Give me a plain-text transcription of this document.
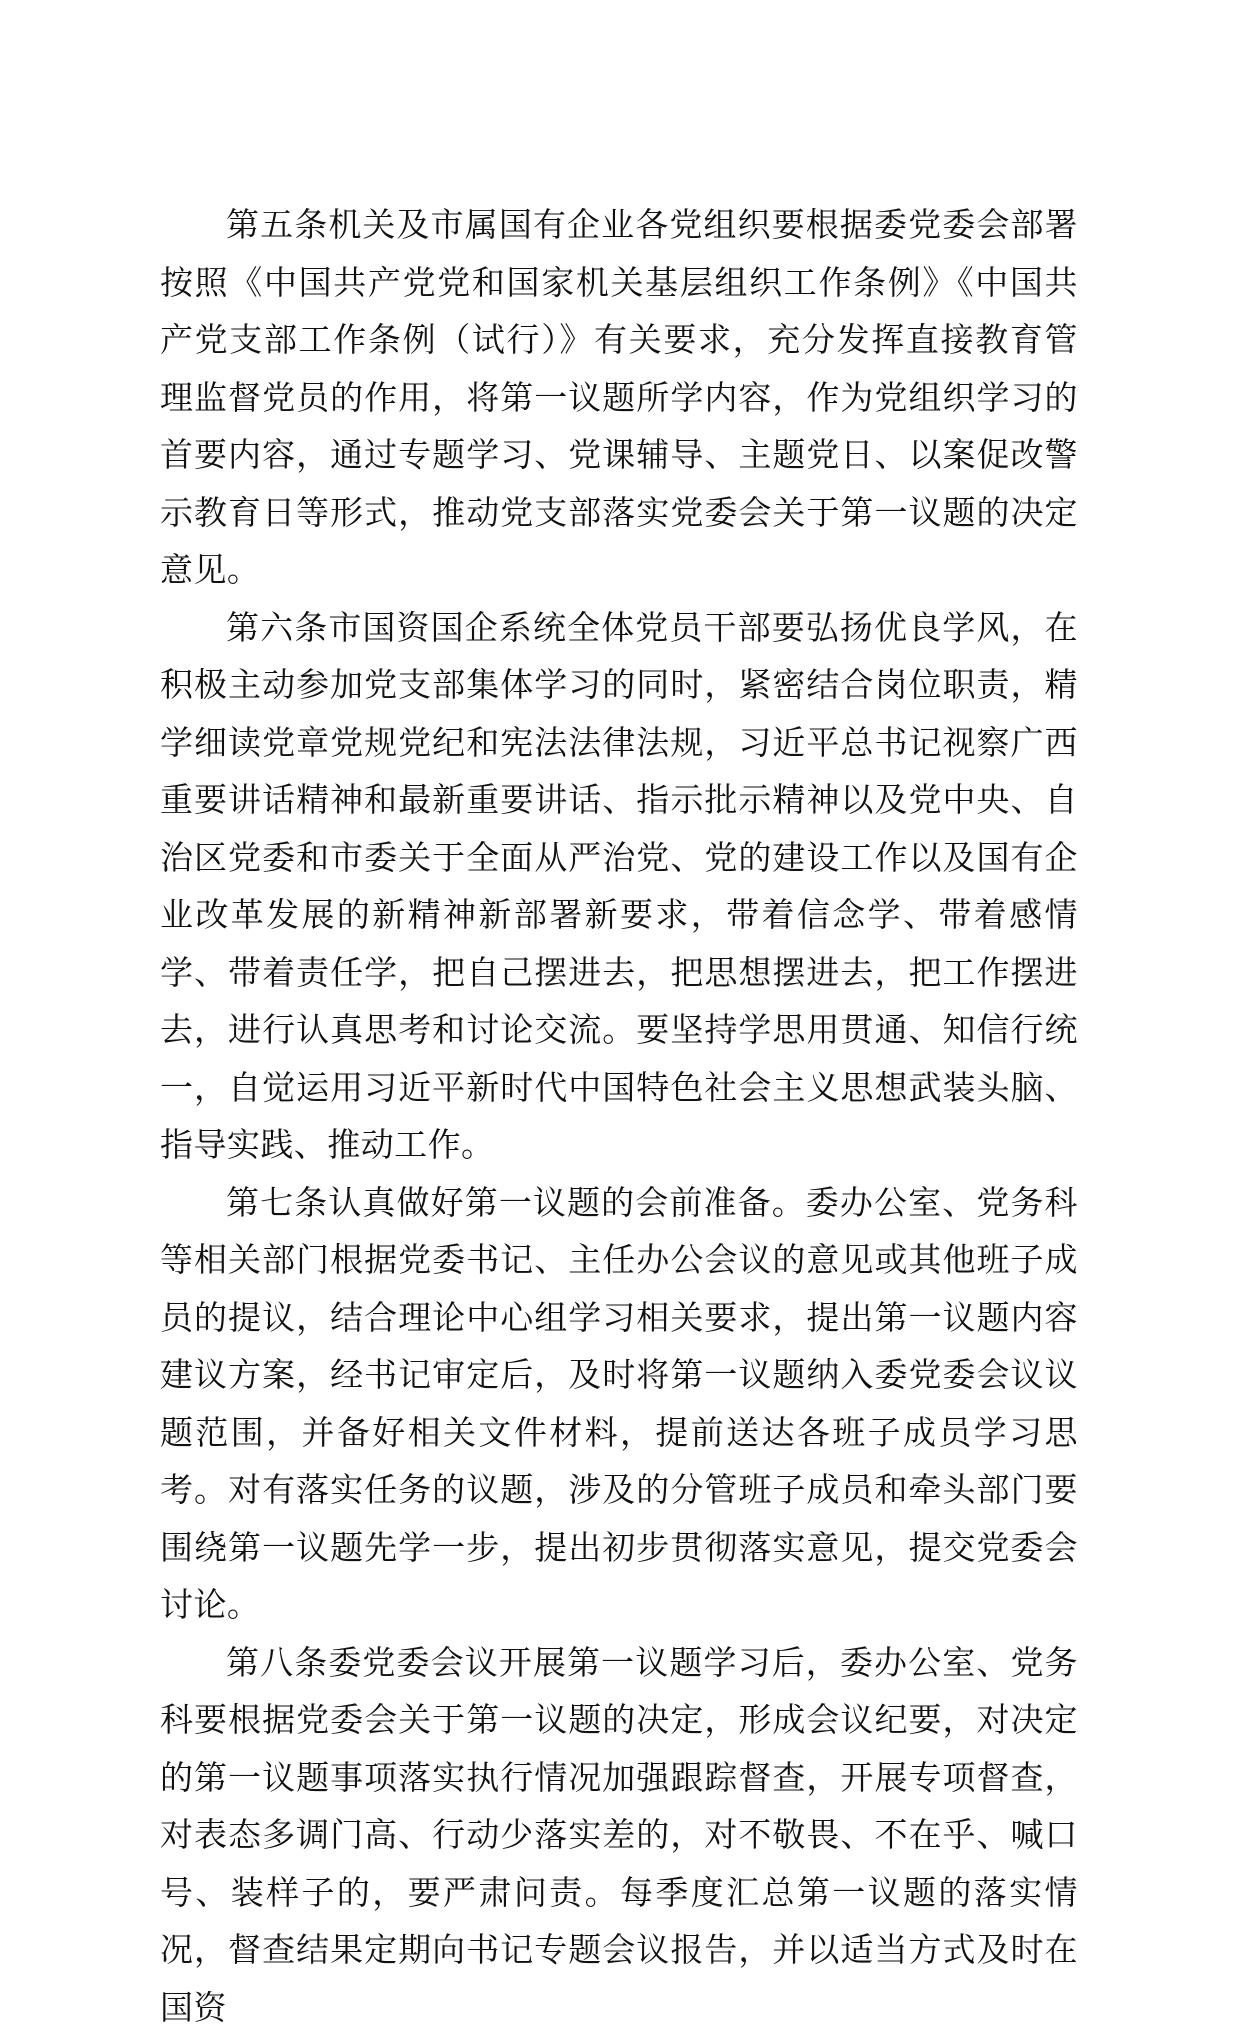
第五条机关及市属国有企业各党组织要根据委党委会部署按照《中国共产党党和国家机关基层组织工作条例》《中国共产党支部工作条例（试行）》有关要求，充分发挥直接教育管理监督党员的作用，将第一议题所学内容，作为党组织学习的首要内容，通过专题学习、党课辅导、主题党日、以案促改警示教育日等形式，推动党支部落实党委会关于第一议题的决定意见。

第六条市国资国企系统全体党员干部要弘扬优良学风，在积极主动参加党支部集体学习的同时，紧密结合岗位职责，精学细读党章党规党纪和宪法法律法规，习近平总书记视察广西重要讲话精神和最新重要讲话、指示批示精神以及党中央、自治区党委和市委关于全面从严治党、党的建设工作以及国有企业改革发展的新精神新部署新要求，带着信念学、带着感情学、带着责任学，把自己摆进去，把思想摆进去，把工作摆进去，进行认真思考和讨论交流。要坚持学思用贯通、知信行统一，自觉运用习近平新时代中国特色社会主义思想武装头脑、指导实践、推动工作。

第七条认真做好第一议题的会前准备。委办公室、党务科等相关部门根据党委书记、主任办公会议的意见或其他班子成员的提议，结合理论中心组学习相关要求，提出第一议题内容建议方案，经书记审定后，及时将第一议题纳入委党委会议议题范围，并备好相关文件材料，提前送达各班子成员学习思考。对有落实任务的议题，涉及的分管班子成员和牵头部门要围绕第一议题先学一步，提出初步贯彻落实意见，提交党委会讨论。

第八条委党委会议开展第一议题学习后，委办公室、党务科要根据党委会关于第一议题的决定，形成会议纪要，对决定的第一议题事项落实执行情况加强跟踪督查，开展专项督查，对表态多调门高、行动少落实差的，对不敬畏、不在乎、喊口号、装样子的，要严肃问责。每季度汇总第一议题的落实情况，督查结果定期向书记专题会议报告，并以适当方式及时在国资
